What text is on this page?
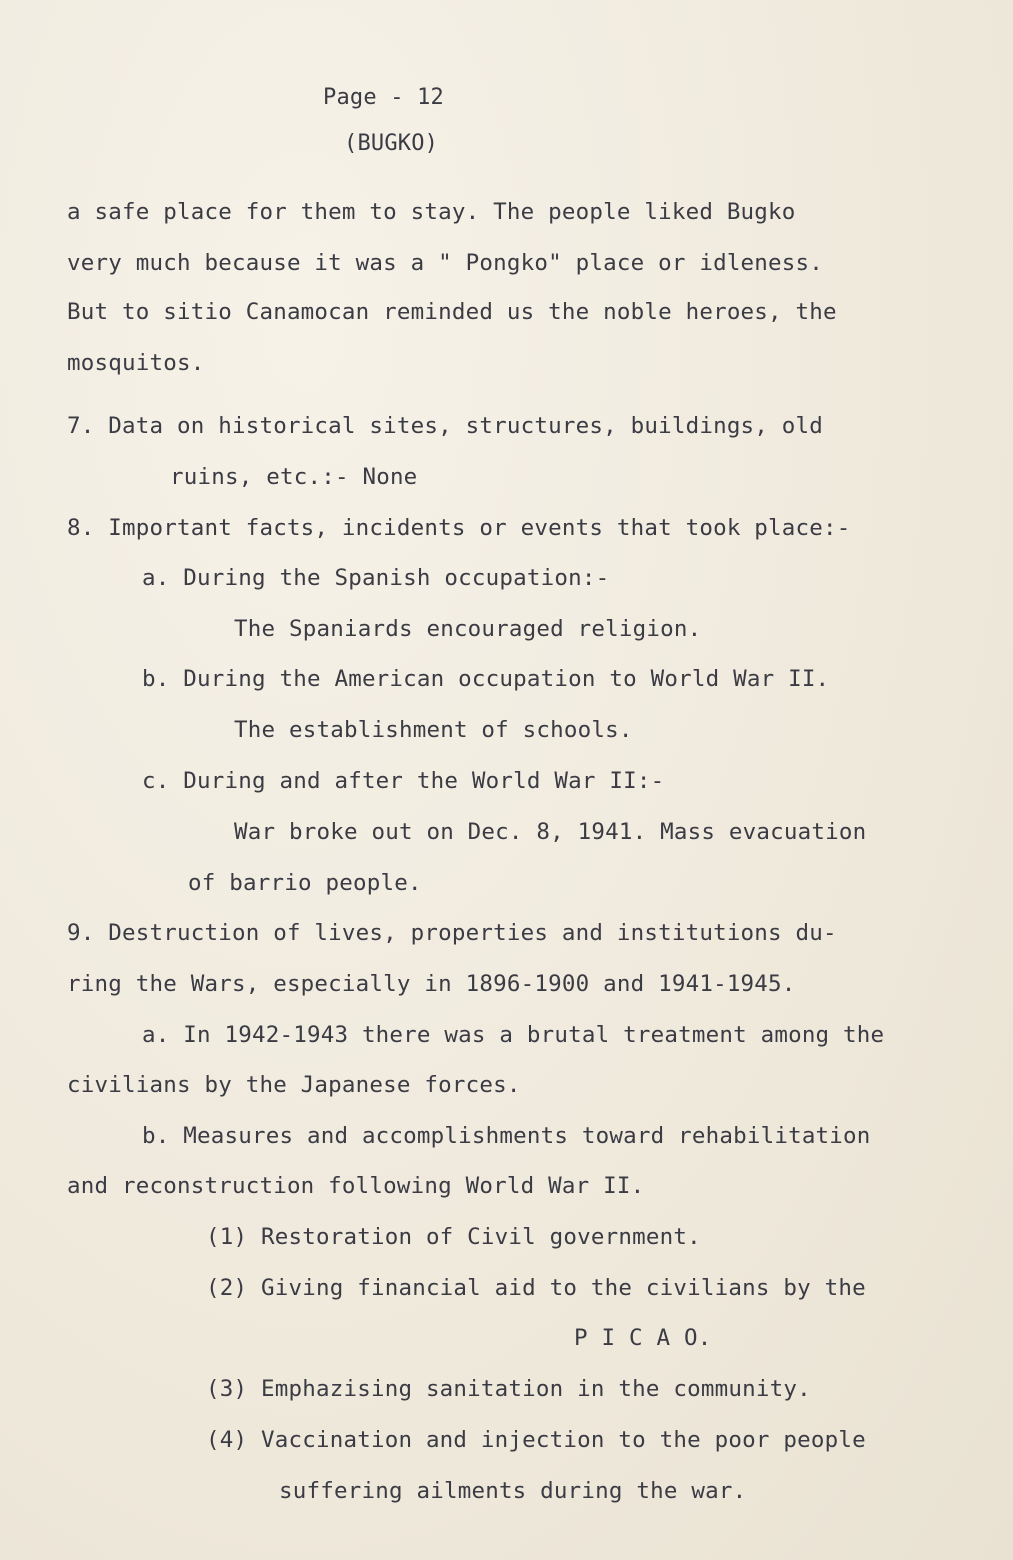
Page - 12
(BUGKO)
a safe place for them to stay. The people liked Bugko
very much because it was a " Pongko" place or idleness.
But to sitio Canamocan reminded us the noble heroes, the
mosquitos.
7. Data on historical sites, structures, buildings, old
ruins, etc.:- None
8. Important facts, incidents or events that took place:-
a. During the Spanish occupation:-
The Spaniards encouraged religion.
b. During the American occupation to World War II.
The establishment of schools.
c. During and after the World War II:-
War broke out on Dec. 8, 1941. Mass evacuation
of barrio people.
9. Destruction of lives, properties and institutions du-
ring the Wars, especially in 1896-1900 and 1941-1945.
a. In 1942-1943 there was a brutal treatment among the
civilians by the Japanese forces.
b. Measures and accomplishments toward rehabilitation
and reconstruction following World War II.
(1) Restoration of Civil government.
(2) Giving financial aid to the civilians by the
P I C A O.
(3) Emphazising sanitation in the community.
(4) Vaccination and injection to the poor people
suffering ailments during the war.
